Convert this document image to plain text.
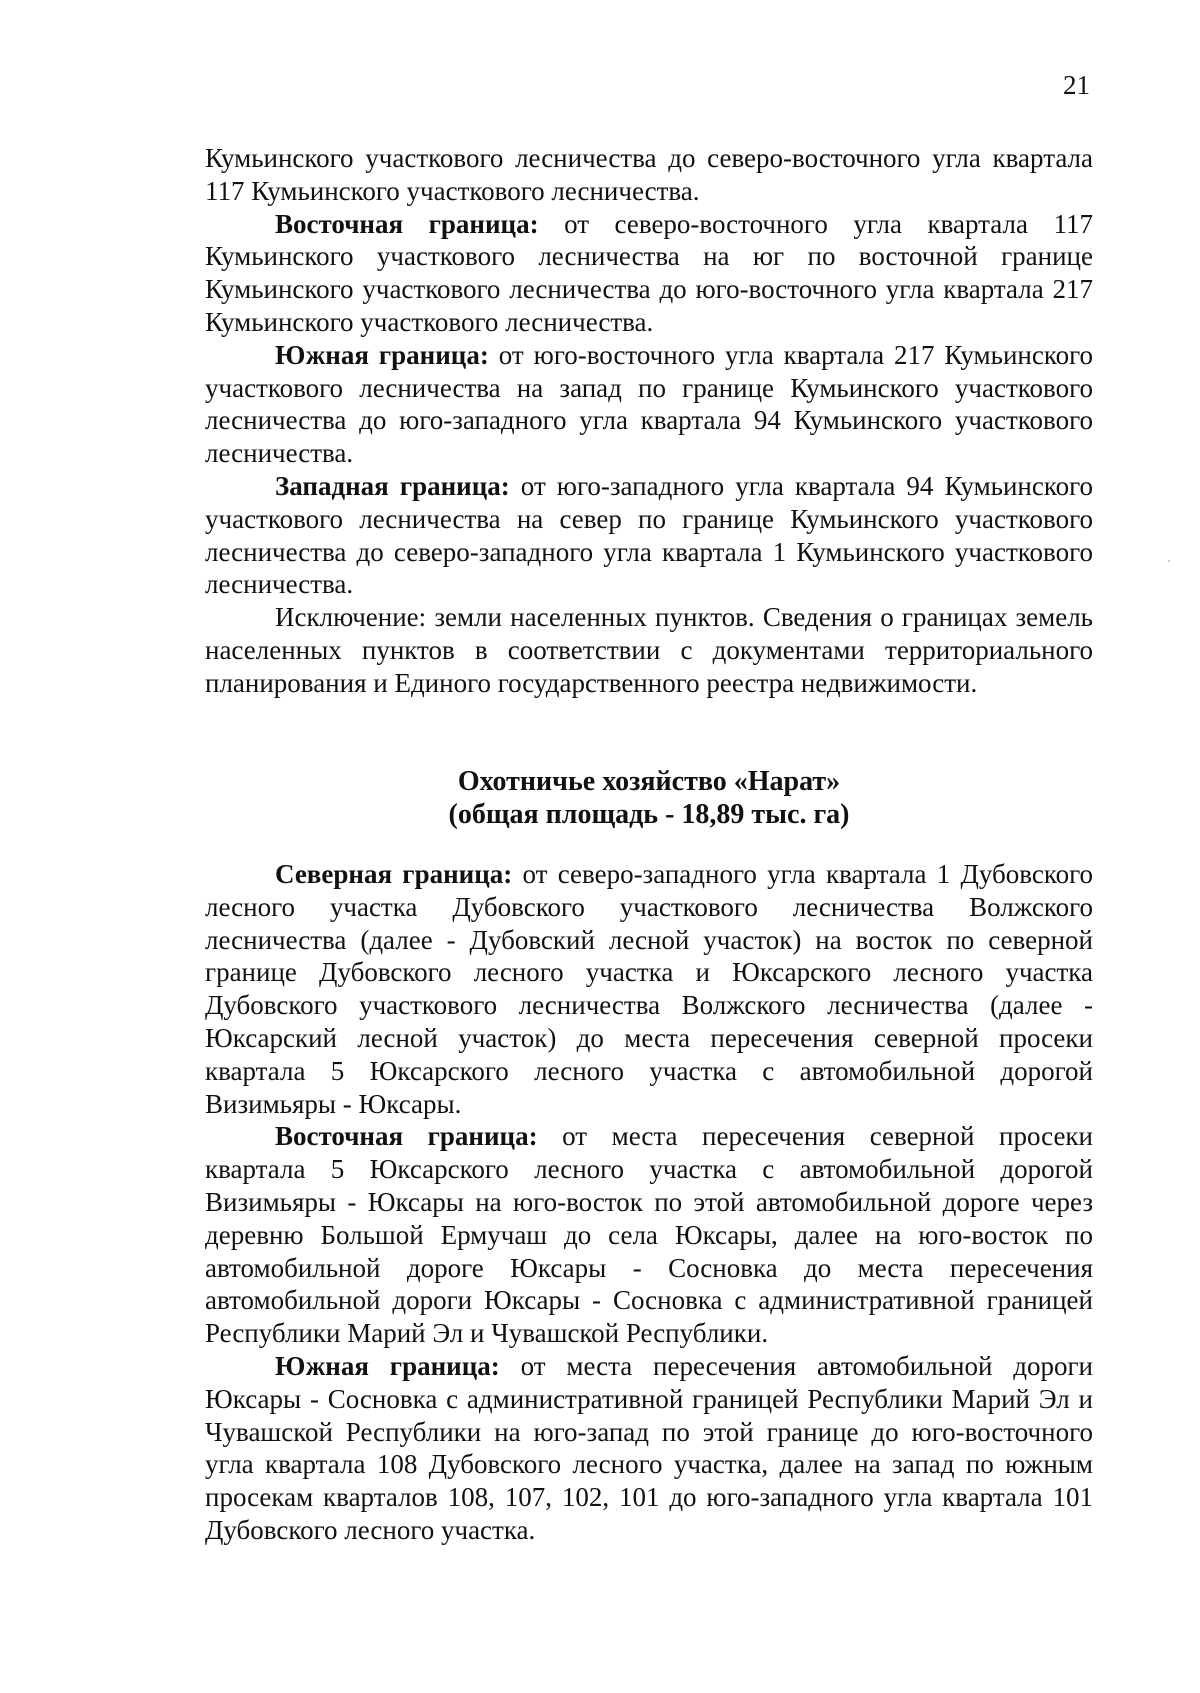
21

Кумьинского участкового лесничества до северо-восточного угла квартала 117 Кумьинского участкового лесничества.

Восточная граница: от северо-восточного угла квартала 117 Кумьинского участкового лесничества на юг по восточной границе Кумьинского участкового лесничества до юго-восточного угла квартала 217 Кумьинского участкового лесничества.

Южная граница: от юго-восточного угла квартала 217 Кумьинского участкового лесничества на запад по границе Кумьинского участкового лесничества до юго-западного угла квартала 94 Кумьинского участкового лесничества.

Западная граница: от юго-западного угла квартала 94 Кумьинского участкового лесничества на север по границе Кумьинского участкового лесничества до северо-западного угла квартала 1 Кумьинского участкового лесничества.

Исключение: земли населенных пунктов. Сведения о границах земель населенных пунктов в соответствии с документами территориального планирования и Единого государственного реестра недвижимости.

Охотничье хозяйство «Нарат»
(общая площадь - 18,89 тыс. га)

Северная граница: от северо-западного угла квартала 1 Дубовского лесного участка Дубовского участкового лесничества Волжского лесничества (далее - Дубовский лесной участок) на восток по северной границе Дубовского лесного участка и Юксарского лесного участка Дубовского участкового лесничества Волжского лесничества (далее - Юксарский лесной участок) до места пересечения северной просеки квартала 5 Юксарского лесного участка с автомобильной дорогой Визимьяры - Юксары.

Восточная граница: от места пересечения северной просеки квартала 5 Юксарского лесного участка с автомобильной дорогой Визимьяры - Юксары на юго-восток по этой автомобильной дороге через деревню Большой Ермучаш до села Юксары, далее на юго-восток по автомобильной дороге Юксары - Сосновка до места пересечения автомобильной дороги Юксары - Сосновка с административной границей Республики Марий Эл и Чувашской Республики.

Южная граница: от места пересечения автомобильной дороги Юксары - Сосновка с административной границей Республики Марий Эл и Чувашской Республики на юго-запад по этой границе до юго-восточного угла квартала 108 Дубовского лесного участка, далее на запад по южным просекам кварталов 108, 107, 102, 101 до юго-западного угла квартала 101 Дубовского лесного участка.
